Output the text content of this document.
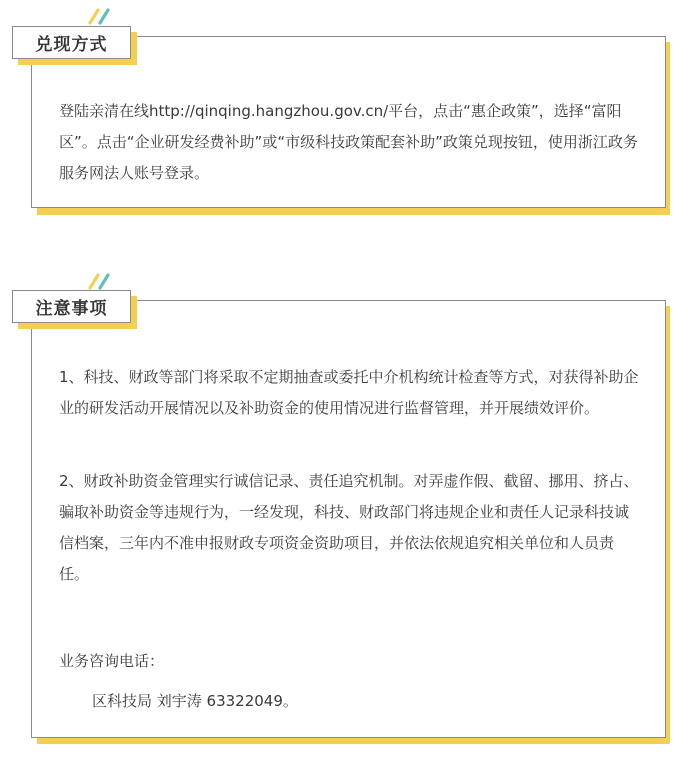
兑现方式

登陆亲清在线http://qinqing.hangzhou.gov.cn/平台，点击“惠企政策”，选择“富阳区”。点击“企业研发经费补助”或“市级科技政策配套补助”政策兑现按钮，使用浙江政务服务网法人账号登录。

注意事项

1、科技、财政等部门将采取不定期抽查或委托中介机构统计检查等方式，对获得补助企业的研发活动开展情况以及补助资金的使用情况进行监督管理，并开展绩效评价。

2、财政补助资金管理实行诚信记录、责任追究机制。对弄虚作假、截留、挪用、挤占、骗取补助资金等违规行为，一经发现，科技、财政部门将违规企业和责任人记录科技诚信档案，三年内不准申报财政专项资金资助项目，并依法依规追究相关单位和人员责任。

业务咨询电话：

区科技局 刘宇涛 63322049。
